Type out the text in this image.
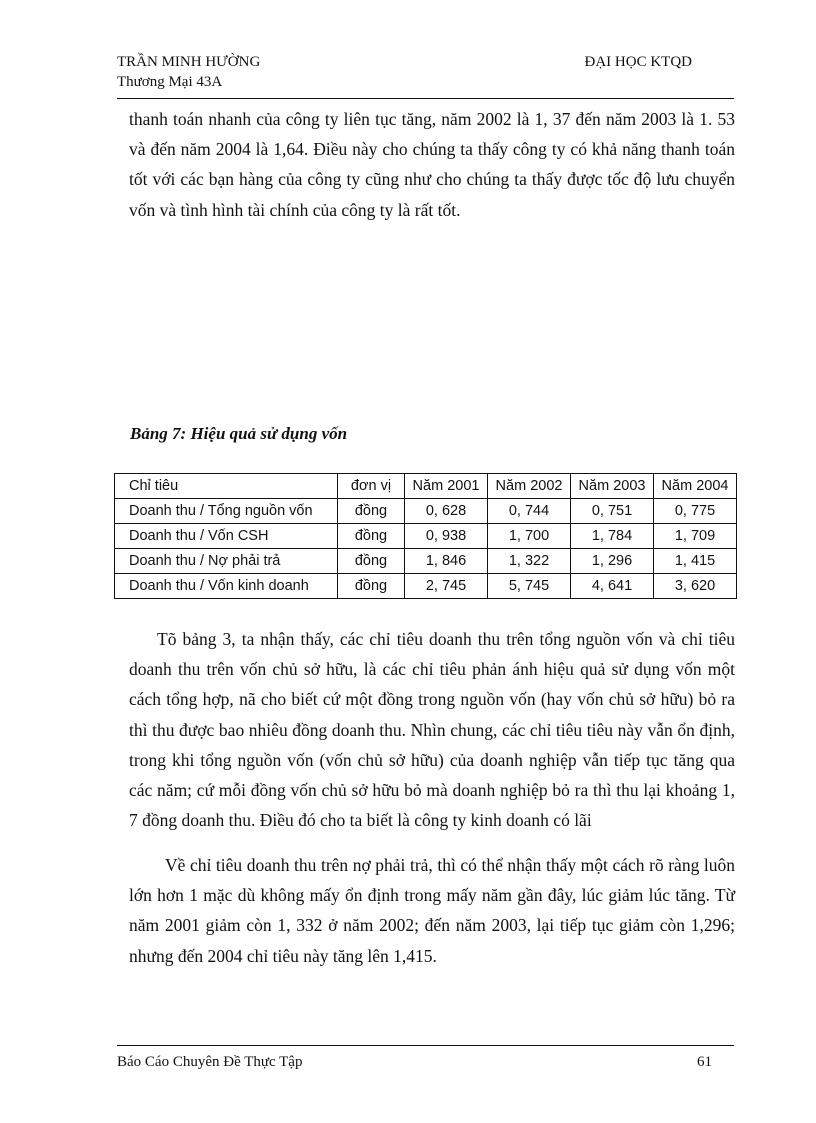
TRẦN MINH HƯỜNG
Thương Mại 43A
ĐẠI HỌC KTQD

thanh toán nhanh của công ty liên tục tăng, năm 2002 là 1, 37 đến năm 2003 là 1. 53 và đến năm 2004 là 1,64. Điều này cho chúng ta thấy công ty có khả năng thanh toán tốt với các bạn hàng của công ty cũng như cho chúng ta thấy được tốc độ lưu chuyển vốn và tình hình tài chính của công ty là rất tốt.

Bảng 7: Hiệu quả sử dụng vốn

Chỉ tiêu	đơn vị	Năm 2001	Năm 2002	Năm 2003	Năm 2004
Doanh thu / Tổng nguồn vốn	đồng	0, 628	0, 744	0, 751	0, 775
Doanh thu / Vốn CSH	đồng	0, 938	1, 700	1, 784	1, 709
Doanh thu / Nợ phải trả	đồng	1, 846	1, 322	1, 296	1, 415
Doanh thu / Vốn kinh doanh	đồng	2, 745	5, 745	4, 641	3, 620

Tõ bảng 3, ta nhận thấy, các chỉ tiêu doanh thu trên tổng nguồn vốn và chỉ tiêu doanh thu trên vốn chủ sở hữu, là các chỉ tiêu phản ánh hiệu quả sử dụng vốn một cách tổng hợp, nã cho biết cứ một đồng trong nguồn vốn (hay vốn chủ sở hữu) bỏ ra thì thu được bao nhiêu đồng doanh thu. Nhìn chung, các chỉ tiêu tiêu này vẫn ổn định, trong khi tổng nguồn vốn (vốn chủ sở hữu) của doanh nghiệp vẫn tiếp tục tăng qua các năm; cứ mỗi đồng vốn chủ sở hữu bỏ mà doanh nghiệp bỏ ra thì thu lại khoảng 1, 7 đồng doanh thu. Điều đó cho ta biết là công ty kinh doanh có lãi

Về chỉ tiêu doanh thu trên nợ phải trả, thì có thể nhận thấy một cách rõ ràng luôn lớn hơn 1 mặc dù không mấy ổn định trong mấy năm gần đây, lúc giảm lúc tăng. Từ năm 2001 giảm còn 1, 332 ở năm 2002; đến năm 2003, lại tiếp tục giảm còn 1,296; nhưng đến 2004 chỉ tiêu này tăng lên 1,415.

Báo Cáo Chuyên Đề Thực Tập	61
